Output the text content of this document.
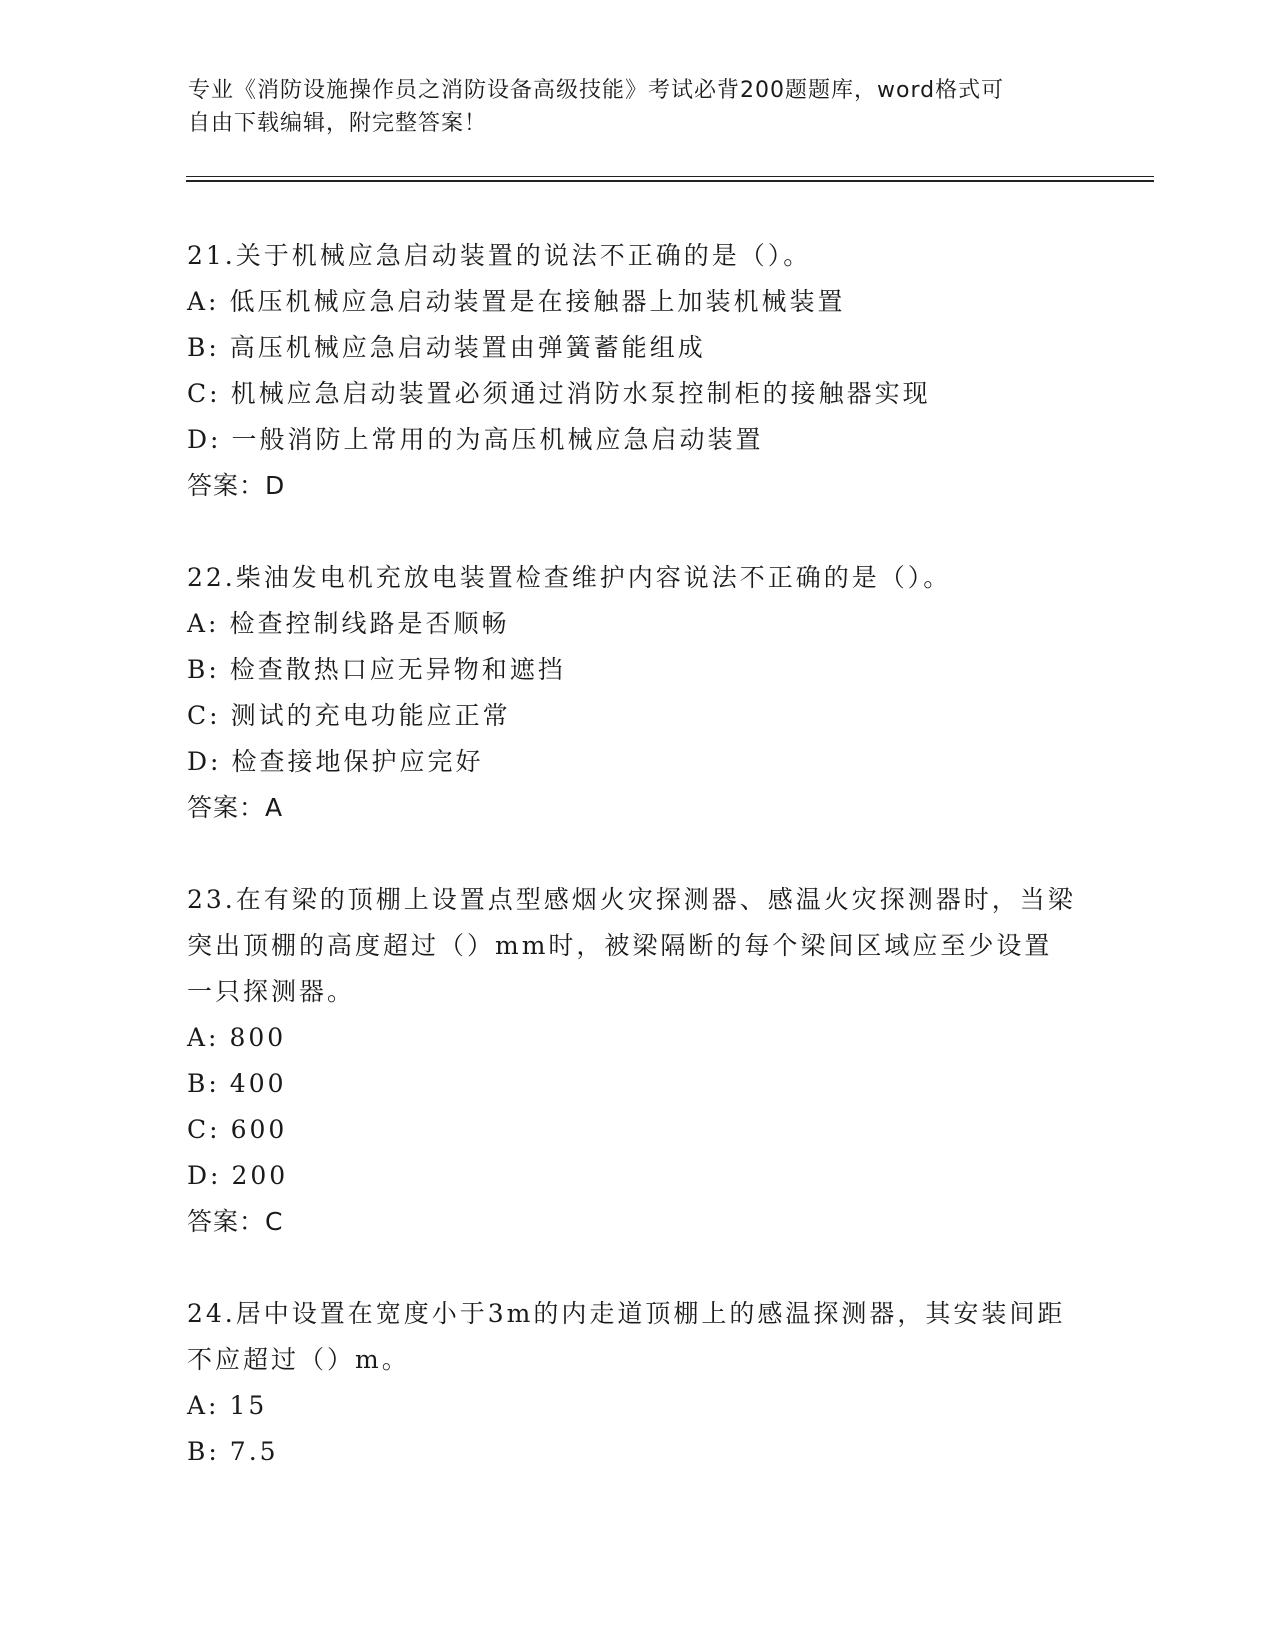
专业《消防设施操作员之消防设备高级技能》考试必背200题题库，word格式可
自由下载编辑，附完整答案！
21.关于机械应急启动装置的说法不正确的是（）。
A: 低压机械应急启动装置是在接触器上加装机械装置
B: 高压机械应急启动装置由弹簧蓄能组成
C: 机械应急启动装置必须通过消防水泵控制柜的接触器实现
D: 一般消防上常用的为高压机械应急启动装置
答案：D
22.柴油发电机充放电装置检查维护内容说法不正确的是（）。
A: 检查控制线路是否顺畅
B: 检查散热口应无异物和遮挡
C: 测试的充电功能应正常
D: 检查接地保护应完好
答案：A
23.在有梁的顶棚上设置点型感烟火灾探测器、感温火灾探测器时，当梁突出顶棚的高度超过（）mm时，被梁隔断的每个梁间区域应至少设置一只探测器。
A: 800
B: 400
C: 600
D: 200
答案：C
24.居中设置在宽度小于3m的内走道顶棚上的感温探测器，其安装间距不应超过（）m。
A: 15
B: 7.5
